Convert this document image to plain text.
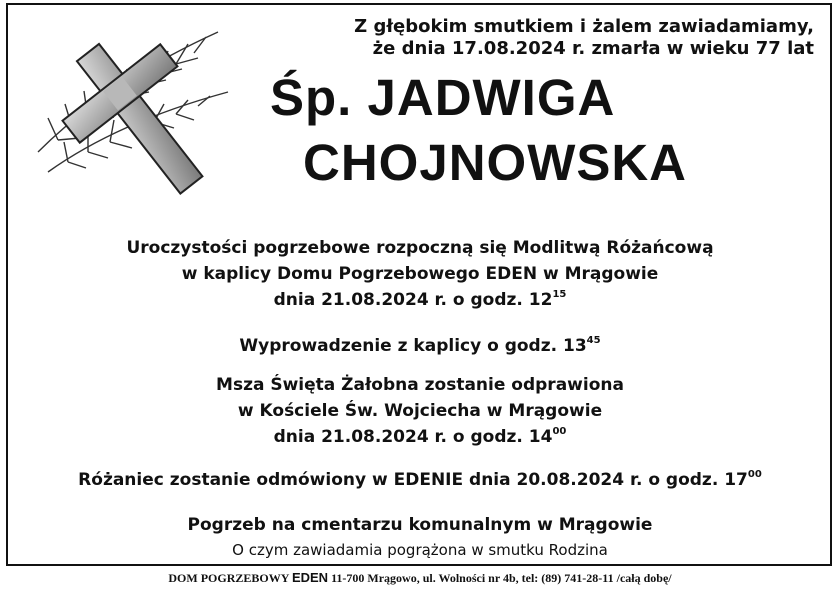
Z głębokim smutkiem i żalem zawiadamiamy,
że dnia 17.08.2024 r. zmarła w wieku 77 lat
Śp. JADWIGA
CHOJNOWSKA
Uroczystości pogrzebowe rozpoczną się Modlitwą Różańcową
w kaplicy Domu Pogrzebowego EDEN w Mrągowie
dnia 21.08.2024 r. o godz. $12^{15}$
Wyprowadzenie z kaplicy o godz. $13^{45}$
Msza Święta Żałobna zostanie odprawiona
w Kościele Św. Wojciecha w Mrągowie
dnia 21.08.2024 r. o godz. $14^{00}$
Różaniec zostanie odmówiony w EDENIE dnia 20.08.2024 r. o godz. $17^{00}$
Pogrzeb na cmentarzu komunalnym w Mrągowie
O czym zawiadamia pogrążona w smutku Rodzina
DOM POGRZEBOWY EDEN 11-700 Mrągowo, ul. Wolności nr 4b, tel: (89) 741-28-11 /całą dobę/
